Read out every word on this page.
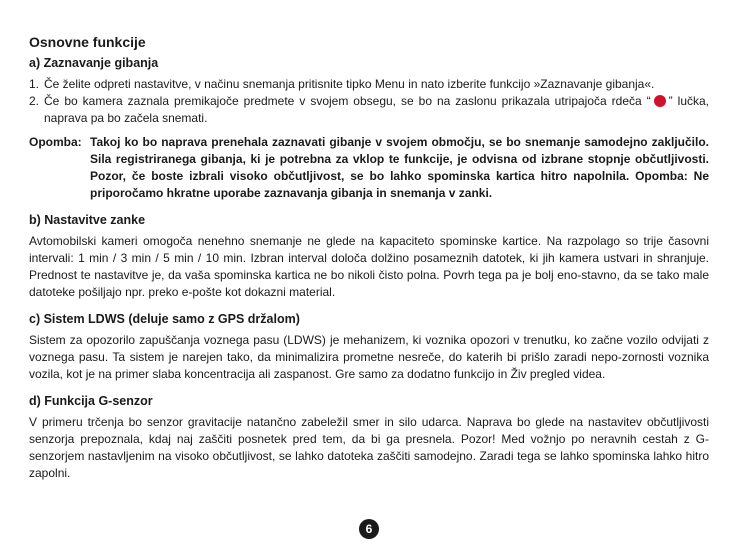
Osnovne funkcije
a) Zaznavanje gibanja
1. Če želite odpreti nastavitve, v načinu snemanja pritisnite tipko Menu in nato izberite funkcijo »Zaznavanje gibanja«.
2. Če bo kamera zaznala premikajoče predmete v svojem obsegu, se bo na zaslonu prikazala utripajoča rdeča “ ” lučka, naprava pa bo začela snemati.
Opomba: Takoj ko bo naprava prenehala zaznavati gibanje v svojem območju, se bo snemanje samodejno zaključilo. Sila registriranega gibanja, ki je potrebna za vklop te funkcije, je odvisna od izbrane stopnje občutljivosti. Pozor, če boste izbrali visoko občutljivost, se bo lahko spominska kartica hitro napolnila. Opomba: Ne priporočamo hkratne uporabe zaznavanja gibanja in snemanja v zanki.
b) Nastavitve zanke

Avtomobilski kameri omogoča nenehno snemanje ne glede na kapaciteto spominske kartice. Na razpolago so trije časovni intervali: 1 min / 3 min / 5 min / 10 min. Izbran interval določa dolžino posameznih datotek, ki jih kamera ustvari in shranjuje. Prednost te nastavitve je, da vaša spominska kartica ne bo nikoli čisto polna. Povrh tega pa je bolj eno-stavno, da se tako male datoteke pošiljajo npr. preko e-pošte kot dokazni material.

c) Sistem LDWS (deluje samo z GPS držalom)

Sistem za opozorilo zapuščanja voznega pasu (LDWS) je mehanizem, ki voznika opozori v trenutku, ko začne vozilo odvijati z voznega pasu. Ta sistem je narejen tako, da minimalizira prometne nesreče, do katerih bi prišlo zaradi nepo-zornosti voznika vozila, kot je na primer slaba koncentracija ali zaspanost. Gre samo za dodatno funkcijo in Živ pregled videa.

d) Funkcija G-senzor

V primeru trčenja bo senzor gravitacije natančno zabeležil smer in silo udarca. Naprava bo glede na nastavitev občutljivosti senzorja prepoznala, kdaj naj zaščiti posnetek pred tem, da bi ga presnela. Pozor! Med vožnjo po neravnih cestah z G-senzorjem nastavljenim na visoko občutljivost, se lahko datoteka zaščiti samodejno. Zaradi tega se lahko spominska lahko hitro zapolni.

6
